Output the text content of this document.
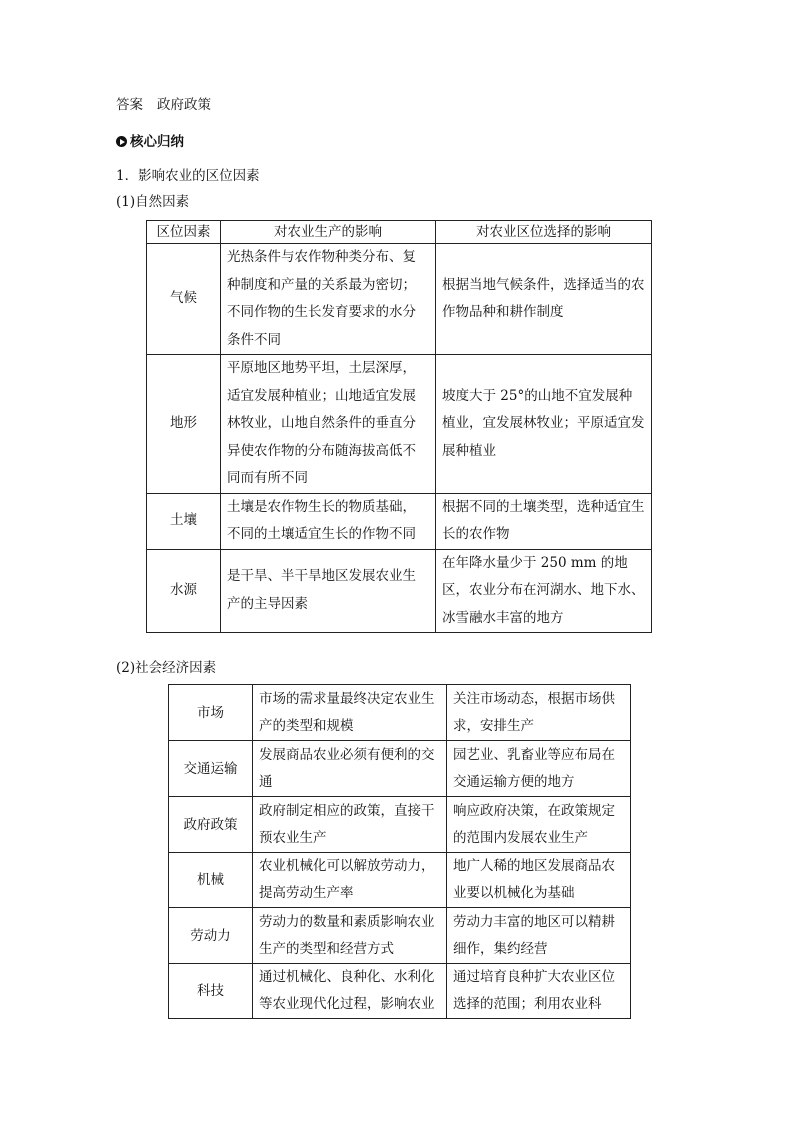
答案 政府政策
核心归纳
1．影响农业的区位因素
(1)自然因素
区位因素	对农业生产的影响	对农业区位选择的影响
气候	光热条件与农作物种类分布、复种制度和产量的关系最为密切；不同作物的生长发育要求的水分条件不同	根据当地气候条件，选择适当的农作物品种和耕作制度
地形	平原地区地势平坦，土层深厚，适宜发展种植业；山地适宜发展林牧业，山地自然条件的垂直分异使农作物的分布随海拔高低不同而有所不同	坡度大于 25°的山地不宜发展种植业，宜发展林牧业；平原适宜发展种植业
土壤	土壤是农作物生长的物质基础，不同的土壤适宜生长的作物不同	根据不同的土壤类型，选种适宜生长的农作物
水源	是干旱、半干旱地区发展农业生产的主导因素	在年降水量少于 250 mm 的地区，农业分布在河湖水、地下水、冰雪融水丰富的地方
(2)社会经济因素
市场	市场的需求量最终决定农业生产的类型和规模	关注市场动态，根据市场供求，安排生产
交通运输	发展商品农业必须有便利的交通	园艺业、乳畜业等应布局在交通运输方便的地方
政府政策	政府制定相应的政策，直接干预农业生产	响应政府决策，在政策规定的范围内发展农业生产
机械	农业机械化可以解放劳动力，提高劳动生产率	地广人稀的地区发展商品农业要以机械化为基础
劳动力	劳动力的数量和素质影响农业生产的类型和经营方式	劳动力丰富的地区可以精耕细作，集约经营
科技	通过机械化、良种化、水利化等农业现代化过程，影响农业	通过培育良种扩大农业区位选择的范围；利用农业科
